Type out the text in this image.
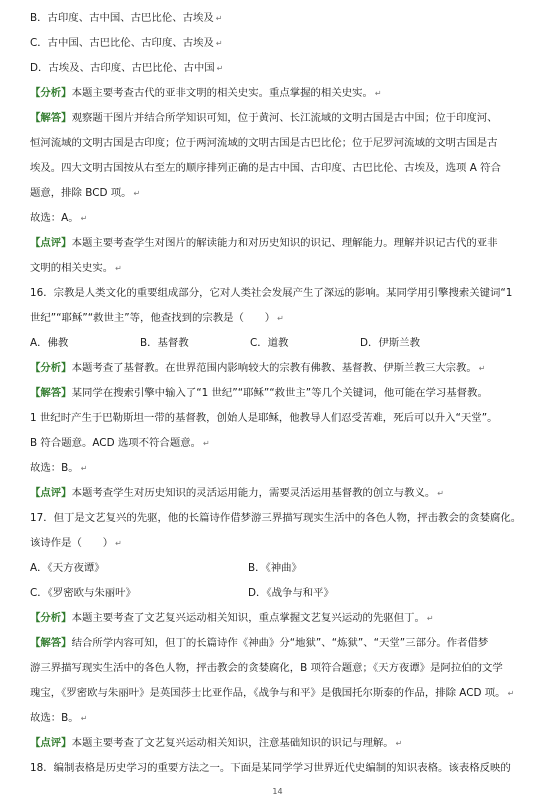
B．古印度、古中国、古巴比伦、古埃及 ↵
C．古中国、古巴比伦、古印度、古埃及 ↵
D．古埃及、古印度、古巴比伦、古中国 ↵
【分析】本题主要考查古代的亚非文明的相关史实。重点掌握的相关史实。 ↵
【解答】观察题干图片并结合所学知识可知，位于黄河、长江流域的文明古国是古中国；位于印度河、
恒河流域的文明古国是古印度；位于两河流域的文明古国是古巴比伦；位于尼罗河流域的文明古国是古
埃及。四大文明古国按从右至左的顺序排列正确的是古中国、古印度、古巴比伦、古埃及，选项 A 符合
题意，排除 BCD 项。 ↵
故选：A。 ↵
【点评】本题主要考查学生对图片的解读能力和对历史知识的识记、理解能力。理解并识记古代的亚非
文明的相关史实。 ↵
16．宗教是人类文化的重要组成部分，它对人类社会发展产生了深远的影响。某同学用引擎搜索关键词“1
世纪”“耶稣”“救世主”等，他查找到的宗教是（　　） ↵
A．佛教	B．基督教	C．道教	D．伊斯兰教
【分析】本题考查了基督教。在世界范围内影响较大的宗教有佛教、基督教、伊斯兰教三大宗教。 ↵
【解答】某同学在搜索引擎中输入了“1 世纪”“耶稣”“救世主”等几个关键词，他可能在学习基督教。
1 世纪时产生于巴勒斯坦一带的基督教，创始人是耶稣，他教导人们忍受苦难，死后可以升入“天堂”。
B 符合题意。ACD 选项不符合题意。 ↵
故选：B。 ↵
【点评】本题考查学生对历史知识的灵活运用能力，需要灵活运用基督教的创立与教义。 ↵
17．但丁是文艺复兴的先驱，他的长篇诗作借梦游三界描写现实生活中的各色人物，抨击教会的贪婪腐化。
该诗作是（　　） ↵
A．《天方夜谭》	B．《神曲》
C．《罗密欧与朱丽叶》	D．《战争与和平》
【分析】本题主要考查了文艺复兴运动相关知识，重点掌握文艺复兴运动的先驱但丁。 ↵
【解答】结合所学内容可知，但丁的长篇诗作《神曲》分“地狱”、“炼狱”、“天堂”三部分。作者借梦
游三界描写现实生活中的各色人物，抨击教会的贪婪腐化，B 项符合题意；《天方夜谭》是阿拉伯的文学
瑰宝，《罗密欧与朱丽叶》是英国莎士比亚作品，《战争与和平》是俄国托尔斯泰的作品，排除 ACD 项。 ↵
故选：B。 ↵
【点评】本题主要考查了文艺复兴运动相关知识，注意基础知识的识记与理解。 ↵
18．编制表格是历史学习的重要方法之一。下面是某同学学习世界近代史编制的知识表格。该表格反映的
14
